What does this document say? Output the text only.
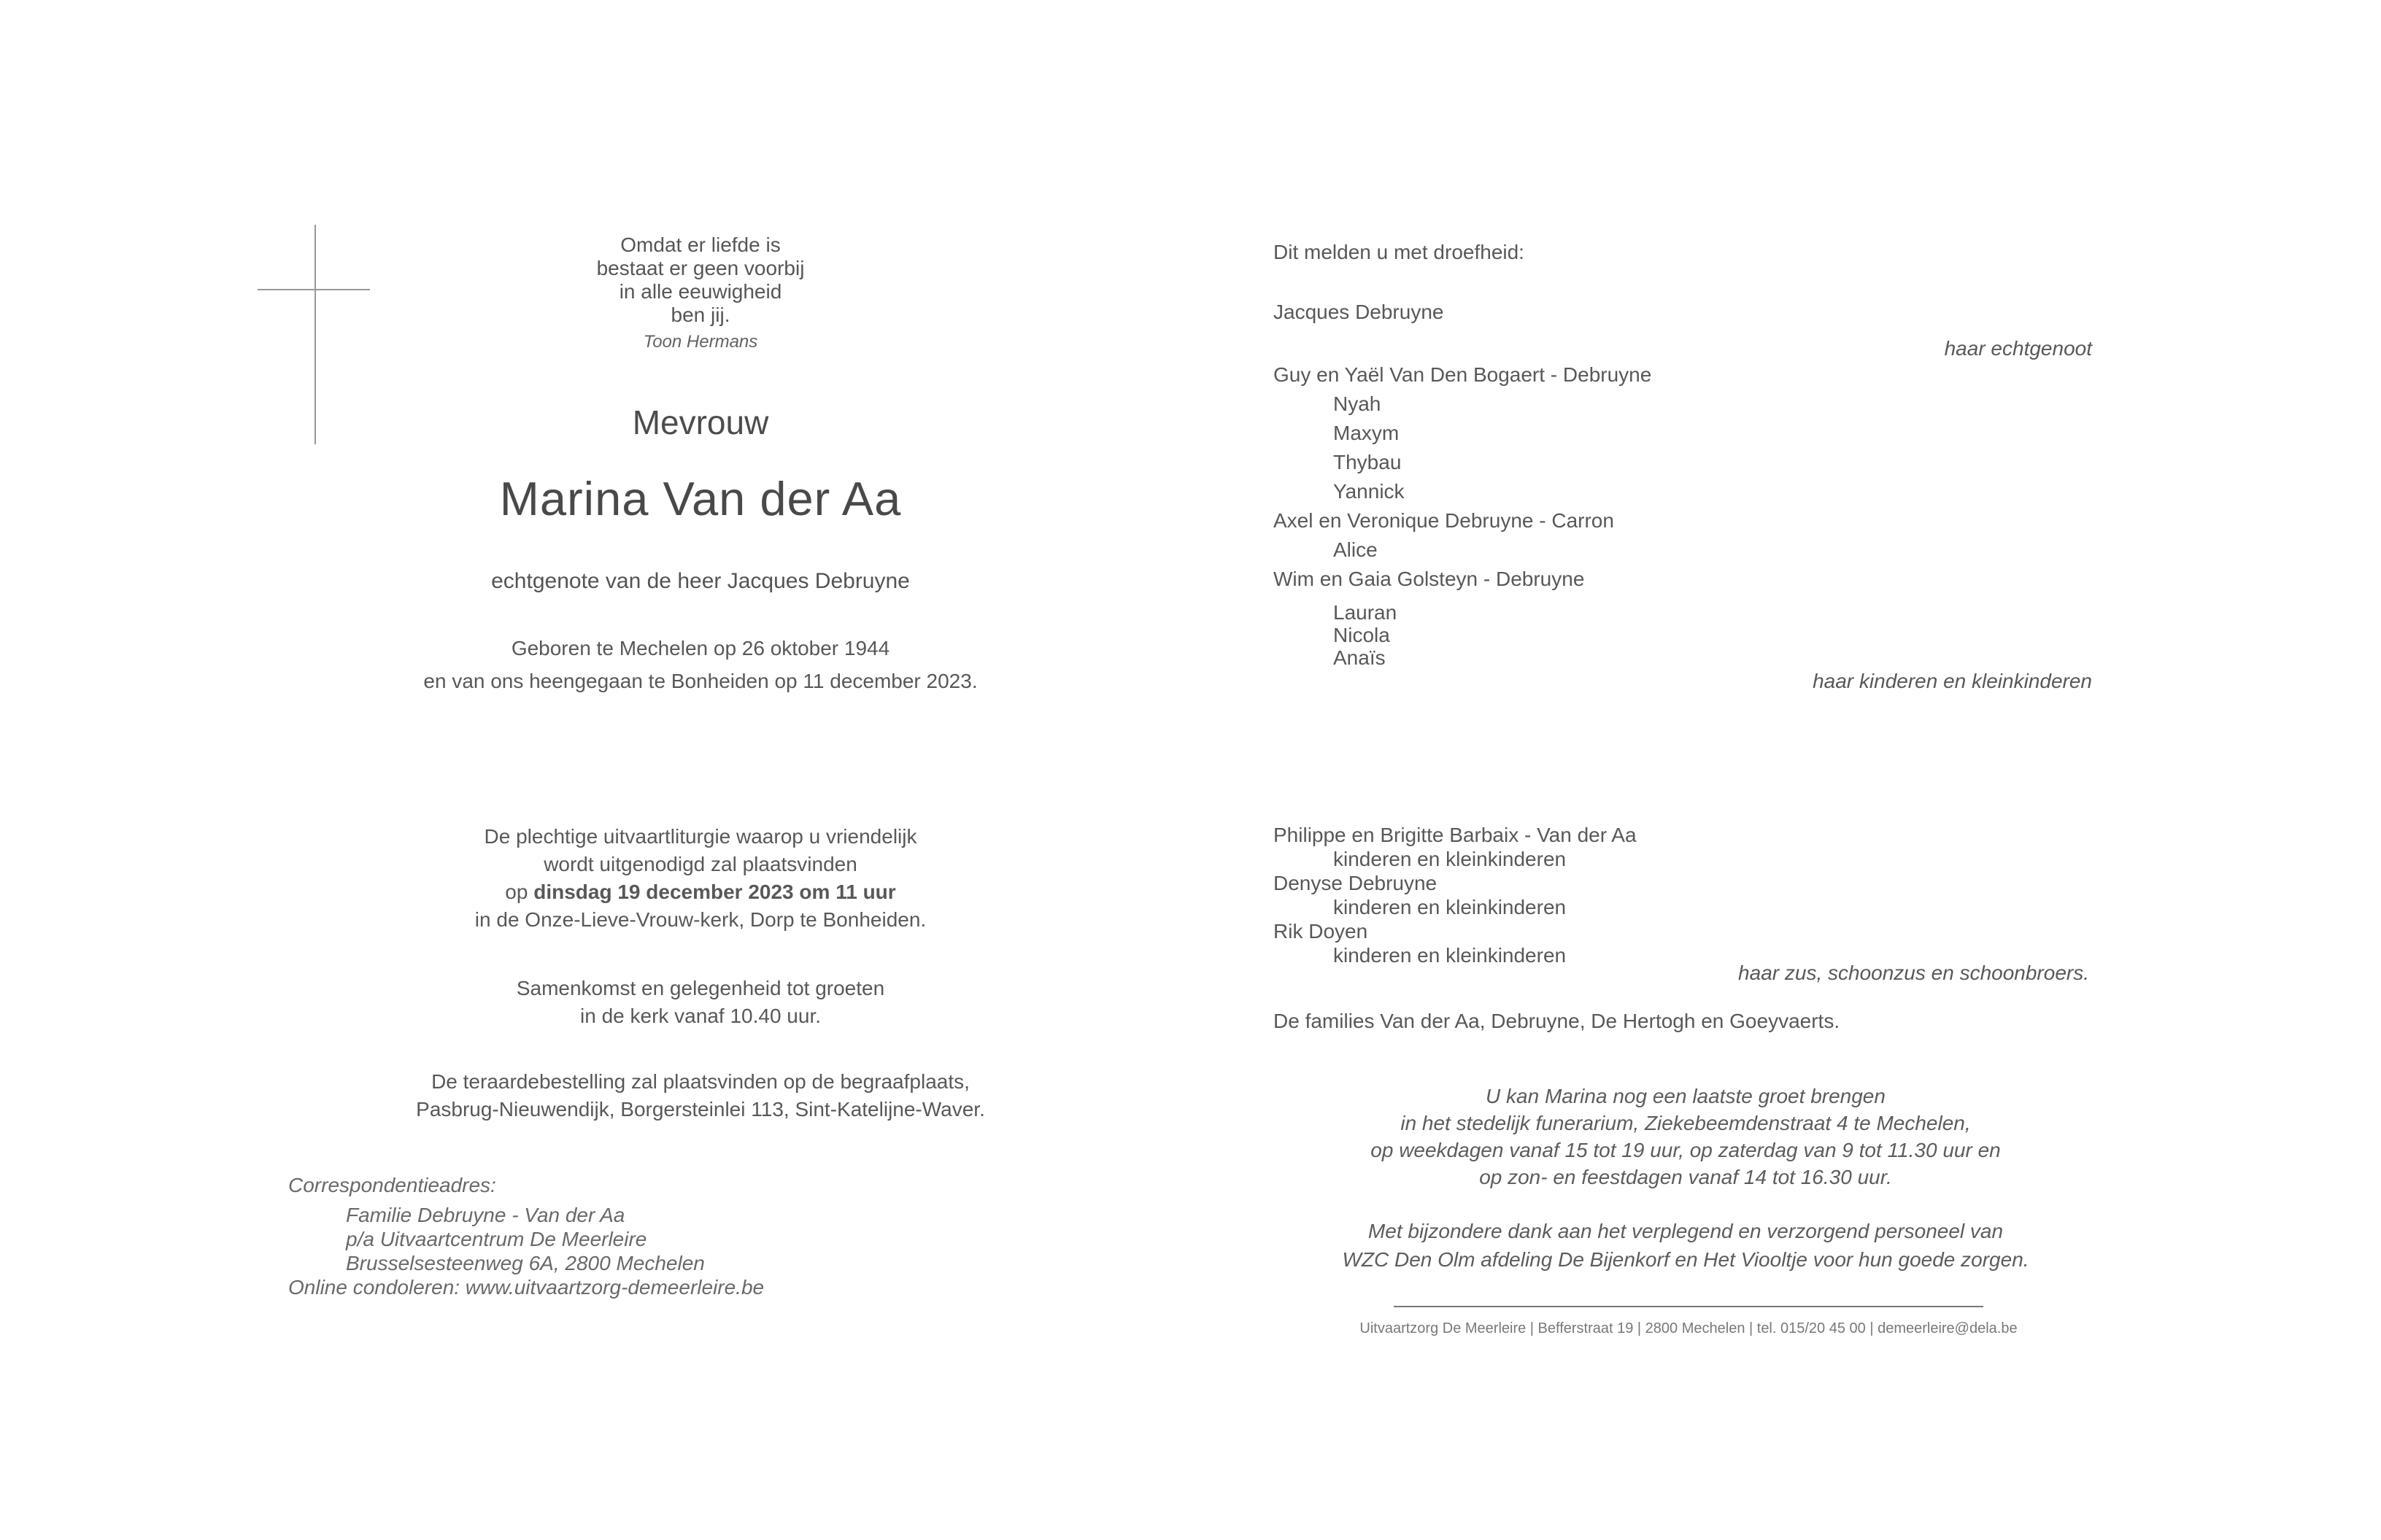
Omdat er liefde is
bestaat er geen voorbij
in alle eeuwigheid
ben jij.
Toon Hermans
Mevrouw
Marina Van der Aa
echtgenote van de heer Jacques Debruyne
Geboren te Mechelen op 26 oktober 1944
en van ons heengegaan te Bonheiden op 11 december 2023.
De plechtige uitvaartliturgie waarop u vriendelijk
wordt uitgenodigd zal plaatsvinden
op dinsdag 19 december 2023 om 11 uur
in de Onze-Lieve-Vrouw-kerk, Dorp te Bonheiden.
Samenkomst en gelegenheid tot groeten
in de kerk vanaf 10.40 uur.
De teraardebestelling zal plaatsvinden op de begraafplaats,
Pasbrug-Nieuwendijk, Borgersteinlei 113, Sint-Katelijne-Waver.
Correspondentieadres:
Familie Debruyne - Van der Aa
p/a Uitvaartcentrum De Meerleire
Brusselsesteenweg 6A, 2800 Mechelen
Online condoleren: www.uitvaartzorg-demeerleire.be
Dit melden u met droefheid:
Jacques Debruyne
haar echtgenoot
Guy en Yaël Van Den Bogaert - Debruyne
Nyah
Maxym
Thybau
Yannick
Axel en Veronique Debruyne - Carron
Alice
Wim en Gaia Golsteyn - Debruyne
Lauran
Nicola
Anaïs
haar kinderen en kleinkinderen
Philippe en Brigitte Barbaix - Van der Aa
kinderen en kleinkinderen
Denyse Debruyne
kinderen en kleinkinderen
Rik Doyen
kinderen en kleinkinderen
haar zus, schoonzus en schoonbroers.
De families Van der Aa, Debruyne, De Hertogh en Goeyvaerts.
U kan Marina nog een laatste groet brengen
in het stedelijk funerarium, Ziekebeemdenstraat 4 te Mechelen,
op weekdagen vanaf 15 tot 19 uur, op zaterdag van 9 tot 11.30 uur en
op zon- en feestdagen vanaf 14 tot 16.30 uur.
Met bijzondere dank aan het verplegend en verzorgend personeel van
WZC Den Olm afdeling De Bijenkorf en Het Viooltje voor hun goede zorgen.
Uitvaartzorg De Meerleire | Befferstraat 19 | 2800 Mechelen | tel. 015/20 45 00 | demeerleire@dela.be
